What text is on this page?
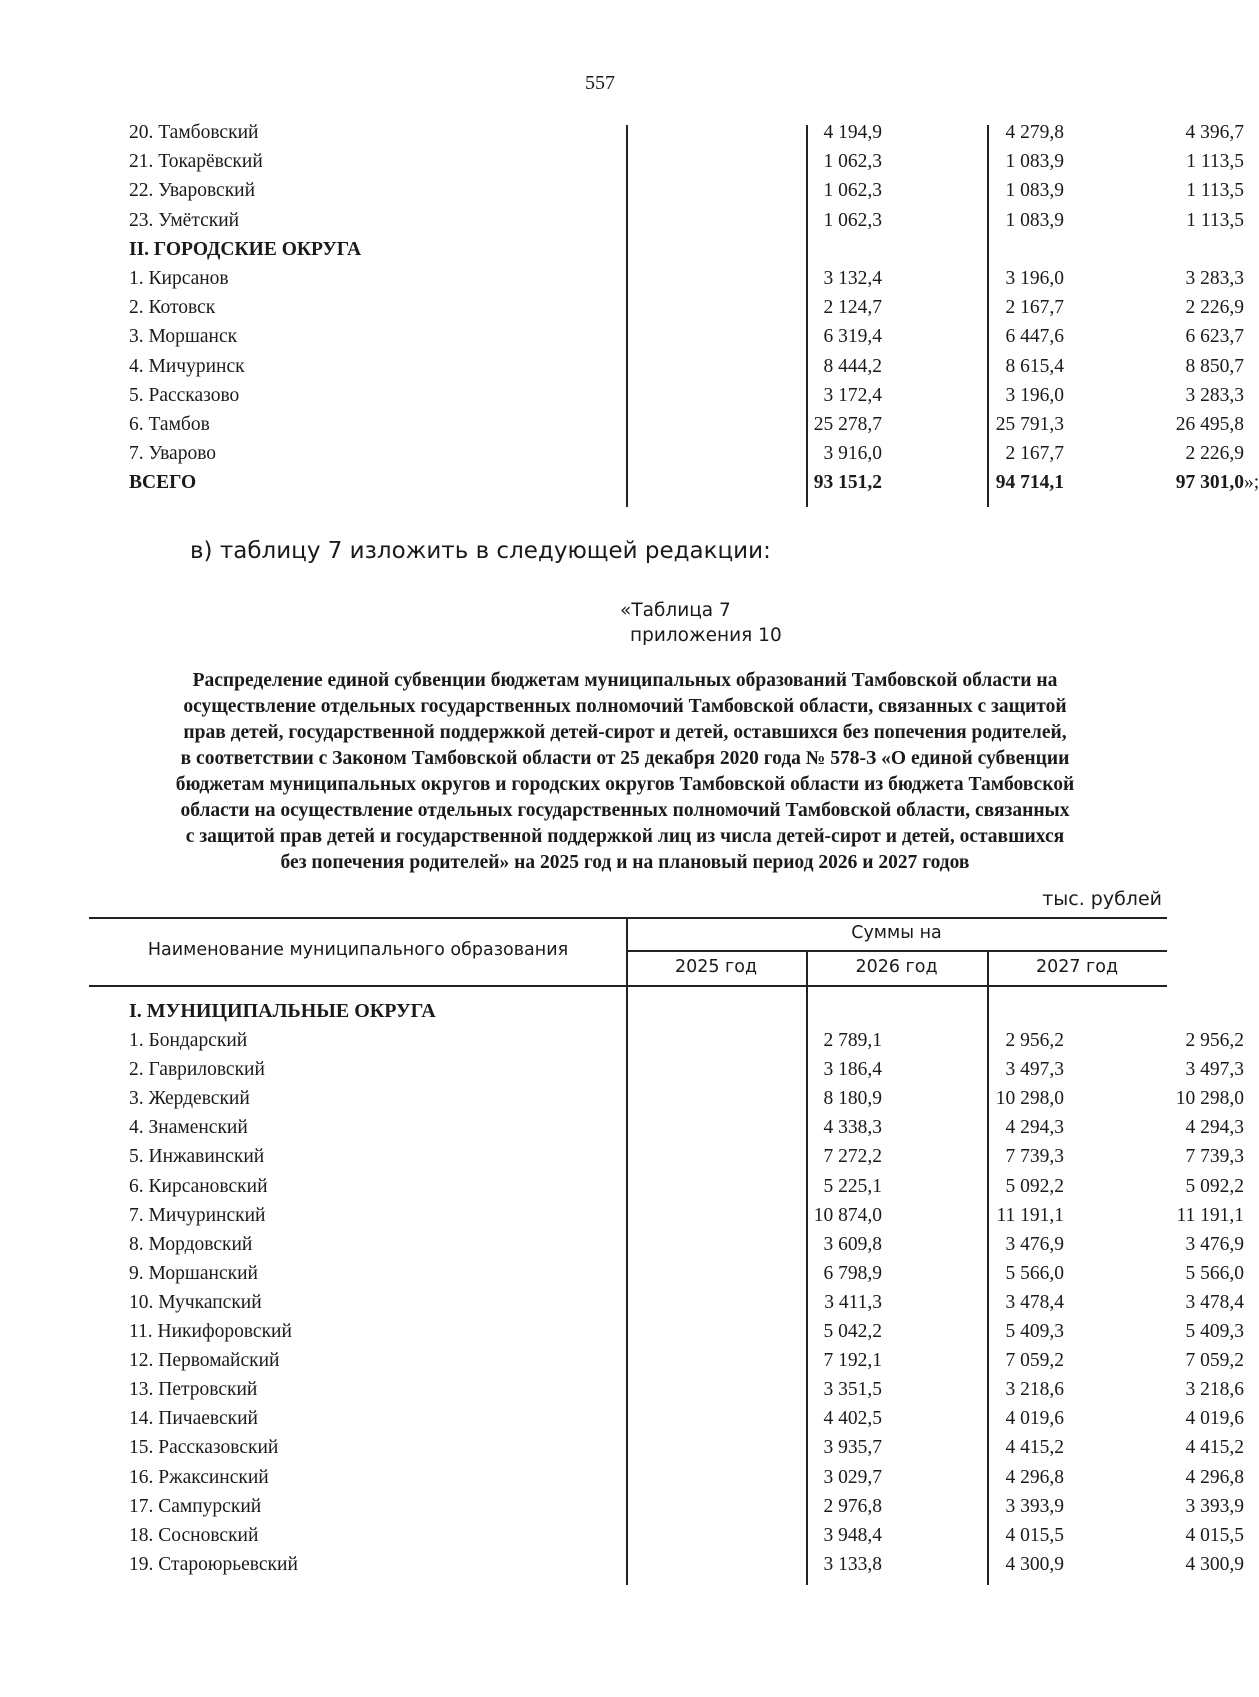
557
20. Тамбовский	4 194,9	4 279,8	4 396,7
21. Токарёвский	1 062,3	1 083,9	1 113,5
22. Уваровский	1 062,3	1 083,9	1 113,5
23. Умётский	1 062,3	1 083,9	1 113,5
II. ГОРОДСКИЕ ОКРУГА
1. Кирсанов	3 132,4	3 196,0	3 283,3
2. Котовск	2 124,7	2 167,7	2 226,9
3. Моршанск	6 319,4	6 447,6	6 623,7
4. Мичуринск	8 444,2	8 615,4	8 850,7
5. Рассказово	3 172,4	3 196,0	3 283,3
6. Тамбов	25 278,7	25 791,3	26 495,8
7. Уварово	3 916,0	2 167,7	2 226,9
ВСЕГО	93 151,2	94 714,1	97 301,0 »;
в) таблицу 7 изложить в следующей редакции:
«Таблица 7
приложения 10
Распределение единой субвенции бюджетам муниципальных образований Тамбовской области на
осуществление отдельных государственных полномочий Тамбовской области, связанных с защитой
прав детей, государственной поддержкой детей-сирот и детей, оставшихся без попечения родителей,
в соответствии с Законом Тамбовской области от 25 декабря 2020 года № 578-З «О единой субвенции
бюджетам муниципальных округов и городских округов Тамбовской области из бюджета Тамбовской
области на осуществление отдельных государственных полномочий Тамбовской области, связанных
с защитой прав детей и государственной поддержкой лиц из числа детей-сирот и детей, оставшихся
без попечения родителей» на 2025 год и на плановый период 2026 и 2027 годов
тыс. рублей
Наименование муниципального образования
Суммы на
2025 год	2026 год	2027 год
I. МУНИЦИПАЛЬНЫЕ ОКРУГА
1. Бондарский	2 789,1	2 956,2	2 956,2
2. Гавриловский	3 186,4	3 497,3	3 497,3
3. Жердевский	8 180,9	10 298,0	10 298,0
4. Знаменский	4 338,3	4 294,3	4 294,3
5. Инжавинский	7 272,2	7 739,3	7 739,3
6. Кирсановский	5 225,1	5 092,2	5 092,2
7. Мичуринский	10 874,0	11 191,1	11 191,1
8. Мордовский	3 609,8	3 476,9	3 476,9
9. Моршанский	6 798,9	5 566,0	5 566,0
10. Мучкапский	3 411,3	3 478,4	3 478,4
11. Никифоровский	5 042,2	5 409,3	5 409,3
12. Первомайский	7 192,1	7 059,2	7 059,2
13. Петровский	3 351,5	3 218,6	3 218,6
14. Пичаевский	4 402,5	4 019,6	4 019,6
15. Рассказовский	3 935,7	4 415,2	4 415,2
16. Ржаксинский	3 029,7	4 296,8	4 296,8
17. Сампурский	2 976,8	3 393,9	3 393,9
18. Сосновский	3 948,4	4 015,5	4 015,5
19. Староюрьевский	3 133,8	4 300,9	4 300,9
